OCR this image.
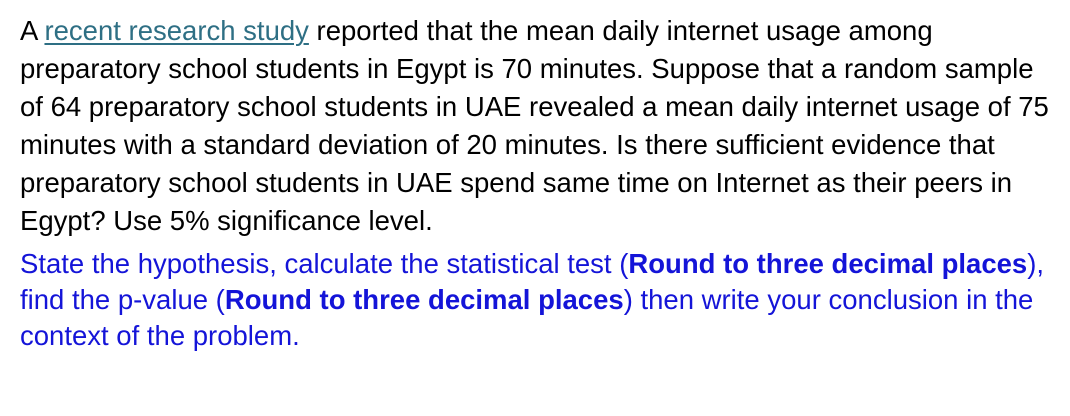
A recent research study reported that the mean daily internet usage among preparatory school students in Egypt is 70 minutes. Suppose that a random sample of 64 preparatory school students in UAE revealed a mean daily internet usage of 75 minutes with a standard deviation of 20 minutes. Is there sufficient evidence that preparatory school students in UAE spend same time on Internet as their peers in Egypt? Use 5% significance level.

State the hypothesis, calculate the statistical test (Round to three decimal places), find the p-value (Round to three decimal places) then write your conclusion in the context of the problem.
